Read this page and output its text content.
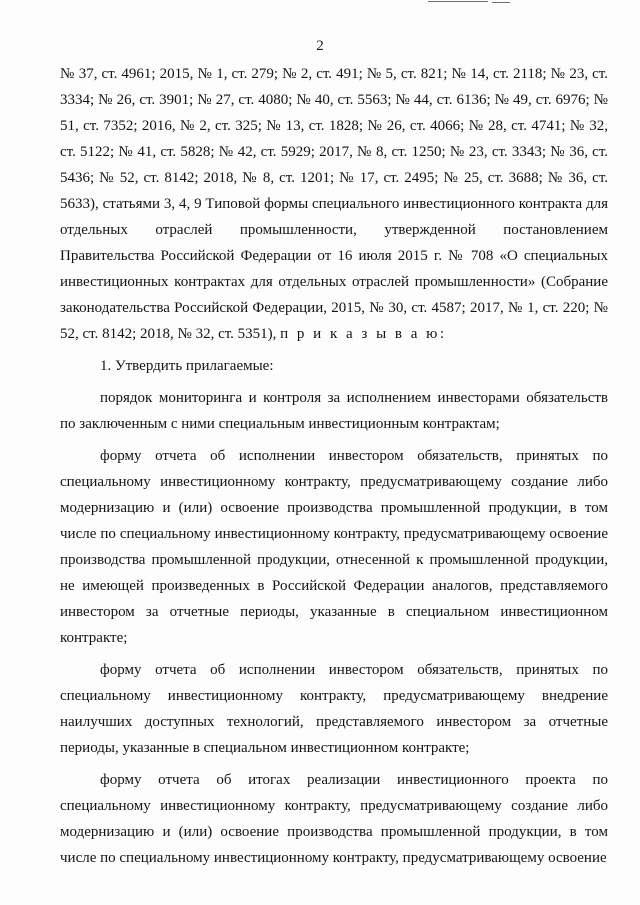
2

№ 37, ст. 4961; 2015, № 1, ст. 279; № 2, ст. 491; № 5, ст. 821; № 14, ст. 2118; № 23, ст. 3334; № 26, ст. 3901; № 27, ст. 4080; № 40, ст. 5563; № 44, ст. 6136; № 49, ст. 6976; № 51, ст. 7352; 2016, № 2, ст. 325; № 13, ст. 1828; № 26, ст. 4066; № 28, ст. 4741; № 32, ст. 5122; № 41, ст. 5828; № 42, ст. 5929; 2017, № 8, ст. 1250; № 23, ст. 3343; № 36, ст. 5436; № 52, ст. 8142; 2018, № 8, ст. 1201; № 17, ст. 2495; № 25, ст. 3688; № 36, ст. 5633), статьями 3, 4, 9 Типовой формы специального инвестиционного контракта для отдельных отраслей промышленности, утвержденной постановлением Правительства Российской Федерации от 16 июля 2015 г. № 708 «О специальных инвестиционных контрактах для отдельных отраслей промышленности» (Собрание законодательства Российской Федерации, 2015, № 30, ст. 4587; 2017, № 1, ст. 220; № 52, ст. 8142; 2018, № 32, ст. 5351), п р и к а з ы в а ю:

1. Утвердить прилагаемые:

порядок мониторинга и контроля за исполнением инвесторами обязательств по заключенным с ними специальным инвестиционным контрактам;

форму отчета об исполнении инвестором обязательств, принятых по специальному инвестиционному контракту, предусматривающему создание либо модернизацию и (или) освоение производства промышленной продукции, в том числе по специальному инвестиционному контракту, предусматривающему освоение производства промышленной продукции, отнесенной к промышленной продукции, не имеющей произведенных в Российской Федерации аналогов, представляемого инвестором за отчетные периоды, указанные в специальном инвестиционном контракте;

форму отчета об исполнении инвестором обязательств, принятых по специальному инвестиционному контракту, предусматривающему внедрение наилучших доступных технологий, представляемого инвестором за отчетные периоды, указанные в специальном инвестиционном контракте;

форму отчета об итогах реализации инвестиционного проекта по специальному инвестиционному контракту, предусматривающему создание либо модернизацию и (или) освоение производства промышленной продукции, в том числе по специальному инвестиционному контракту, предусматривающему освоение
